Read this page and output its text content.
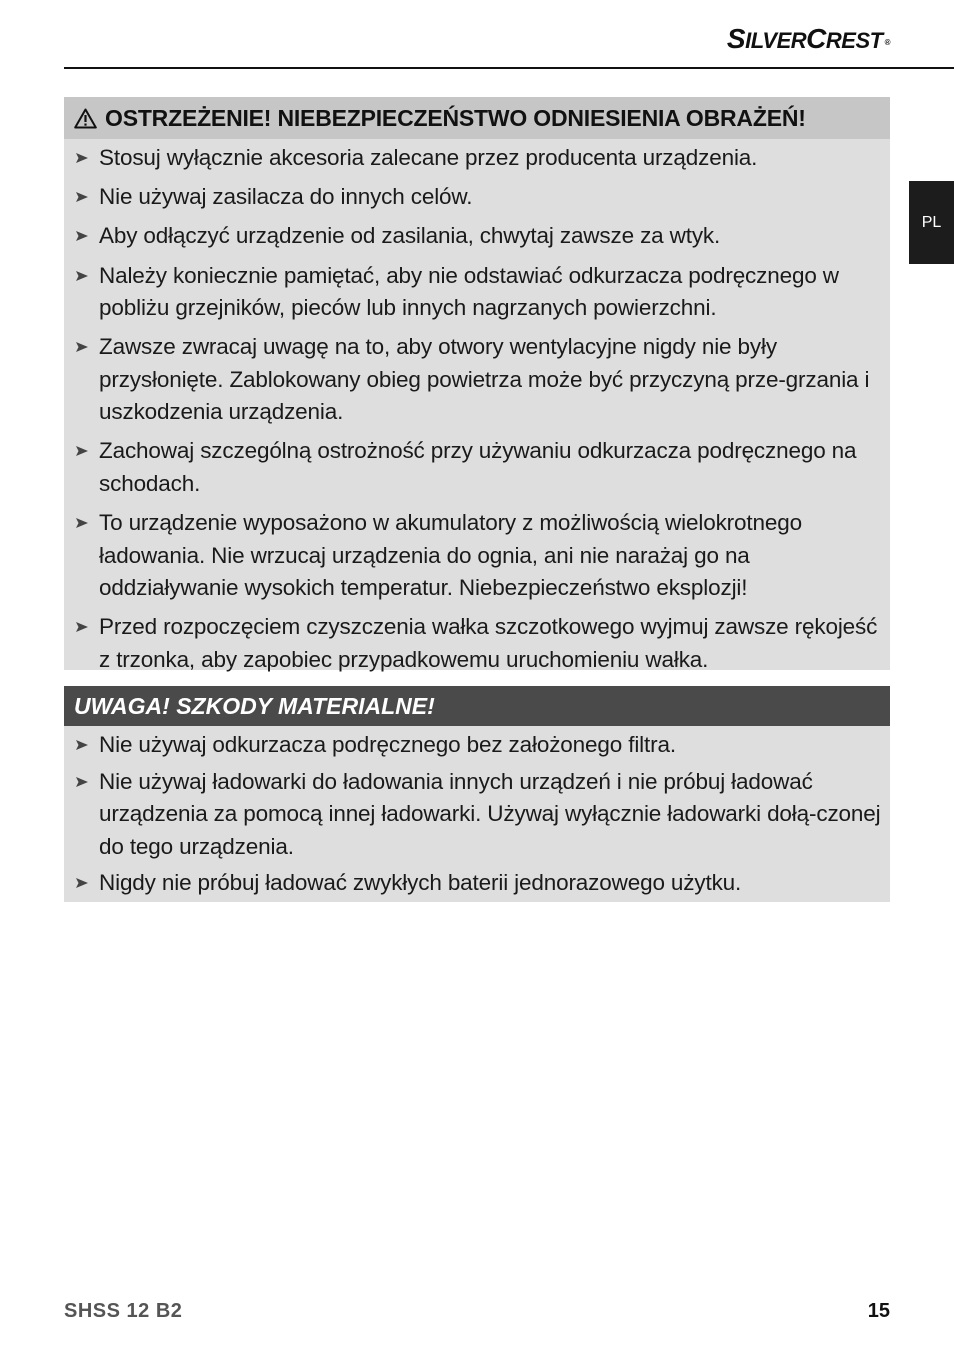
SILVERCREST ®
PL
OSTRZEŻENIE! NIEBEZPIECZEŃSTWO ODNIESIENIA OBRAŻEŃ!
Stosuj wyłącznie akcesoria zalecane przez producenta urządzenia.
Nie używaj zasilacza do innych celów.
Aby odłączyć urządzenie od zasilania, chwytaj zawsze za wtyk.
Należy koniecznie pamiętać, aby nie odstawiać odkurzacza podręcznego w pobliżu grzejników, pieców lub innych nagrzanych powierzchni.
Zawsze zwracaj uwagę na to, aby otwory wentylacyjne nigdy nie były przysłonięte. Zablokowany obieg powietrza może być przyczyną prze-grzania i uszkodzenia urządzenia.
Zachowaj szczególną ostrożność przy używaniu odkurzacza podręcznego na schodach.
To urządzenie wyposażono w akumulatory z możliwością wielokrotnego ładowania. Nie wrzucaj urządzenia do ognia, ani nie narażaj go na oddziaływanie wysokich temperatur. Niebezpieczeństwo eksplozji!
Przed rozpoczęciem czyszczenia wałka szczotkowego wyjmuj zawsze rękojeść z trzonka, aby zapobiec przypadkowemu uruchomieniu wałka.
UWAGA! SZKODY MATERIALNE!
Nie używaj odkurzacza podręcznego bez założonego filtra.
Nie używaj ładowarki do ładowania innych urządzeń i nie próbuj ładować urządzenia za pomocą innej ładowarki. Używaj wyłącznie ładowarki dołą-czonej do tego urządzenia.
Nigdy nie próbuj ładować zwykłych baterii jednorazowego użytku.
SHSS 12 B2	15
